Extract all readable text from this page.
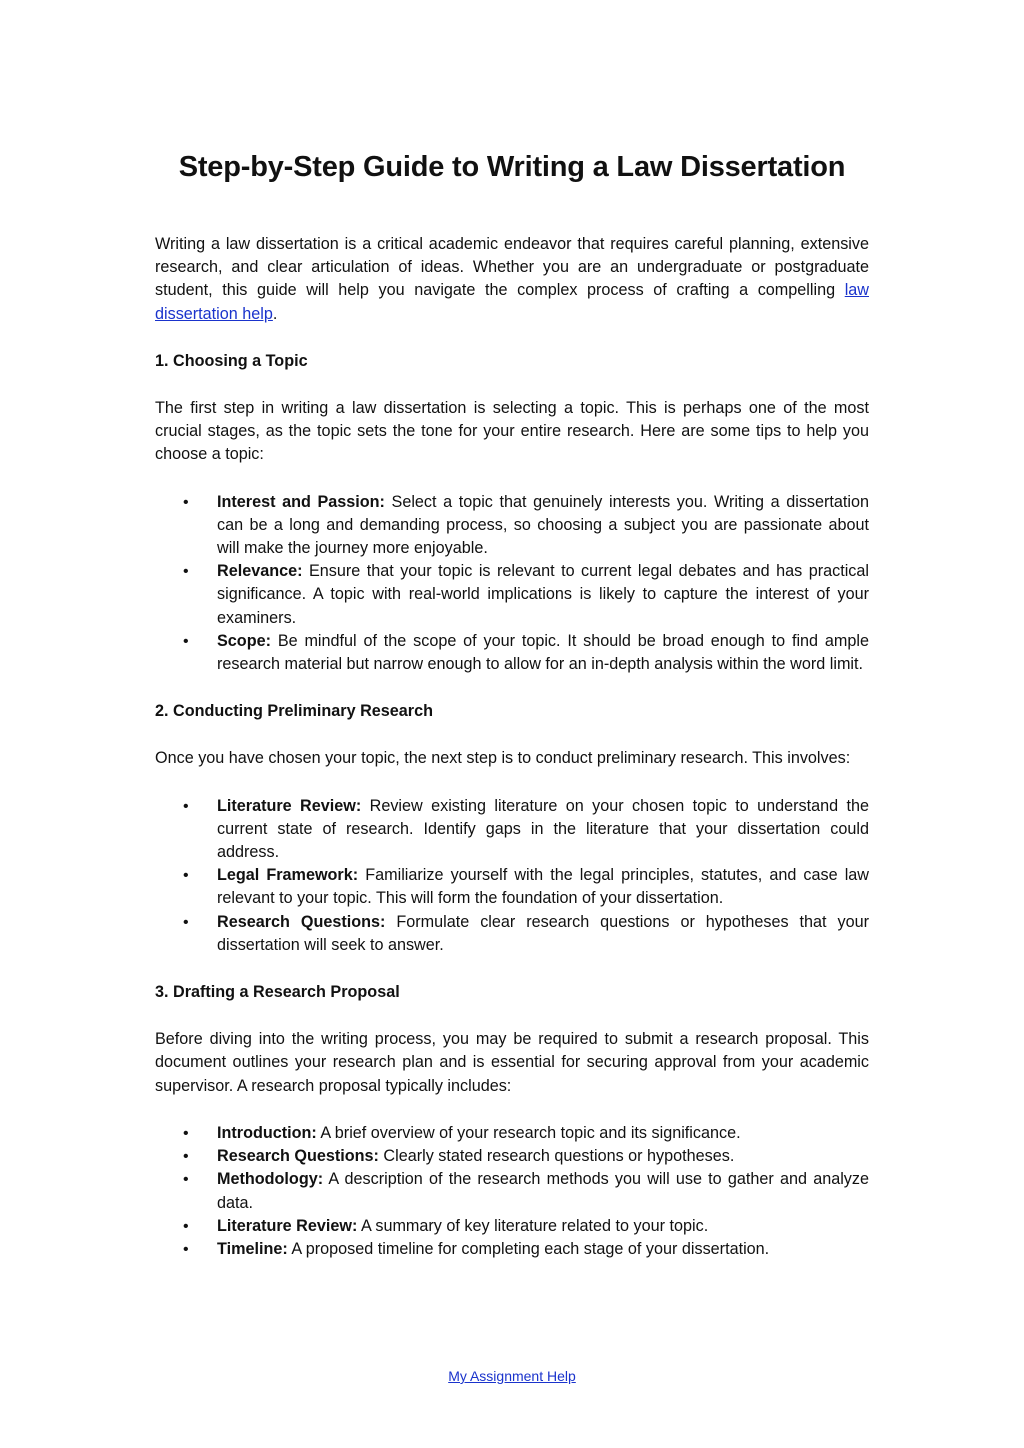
Step-by-Step Guide to Writing a Law Dissertation

Writing a law dissertation is a critical academic endeavor that requires careful planning, extensive research, and clear articulation of ideas. Whether you are an undergraduate or postgraduate student, this guide will help you navigate the complex process of crafting a compelling law dissertation help.

1. Choosing a Topic

The first step in writing a law dissertation is selecting a topic. This is perhaps one of the most crucial stages, as the topic sets the tone for your entire research. Here are some tips to help you choose a topic:

• Interest and Passion: Select a topic that genuinely interests you. Writing a dissertation can be a long and demanding process, so choosing a subject you are passionate about will make the journey more enjoyable.
• Relevance: Ensure that your topic is relevant to current legal debates and has practical significance. A topic with real-world implications is likely to capture the interest of your examiners.
• Scope: Be mindful of the scope of your topic. It should be broad enough to find ample research material but narrow enough to allow for an in-depth analysis within the word limit.

2. Conducting Preliminary Research

Once you have chosen your topic, the next step is to conduct preliminary research. This involves:

• Literature Review: Review existing literature on your chosen topic to understand the current state of research. Identify gaps in the literature that your dissertation could address.
• Legal Framework: Familiarize yourself with the legal principles, statutes, and case law relevant to your topic. This will form the foundation of your dissertation.
• Research Questions: Formulate clear research questions or hypotheses that your dissertation will seek to answer.

3. Drafting a Research Proposal

Before diving into the writing process, you may be required to submit a research proposal. This document outlines your research plan and is essential for securing approval from your academic supervisor. A research proposal typically includes:

• Introduction: A brief overview of your research topic and its significance.
• Research Questions: Clearly stated research questions or hypotheses.
• Methodology: A description of the research methods you will use to gather and analyze data.
• Literature Review: A summary of key literature related to your topic.
• Timeline: A proposed timeline for completing each stage of your dissertation.
My Assignment Help
